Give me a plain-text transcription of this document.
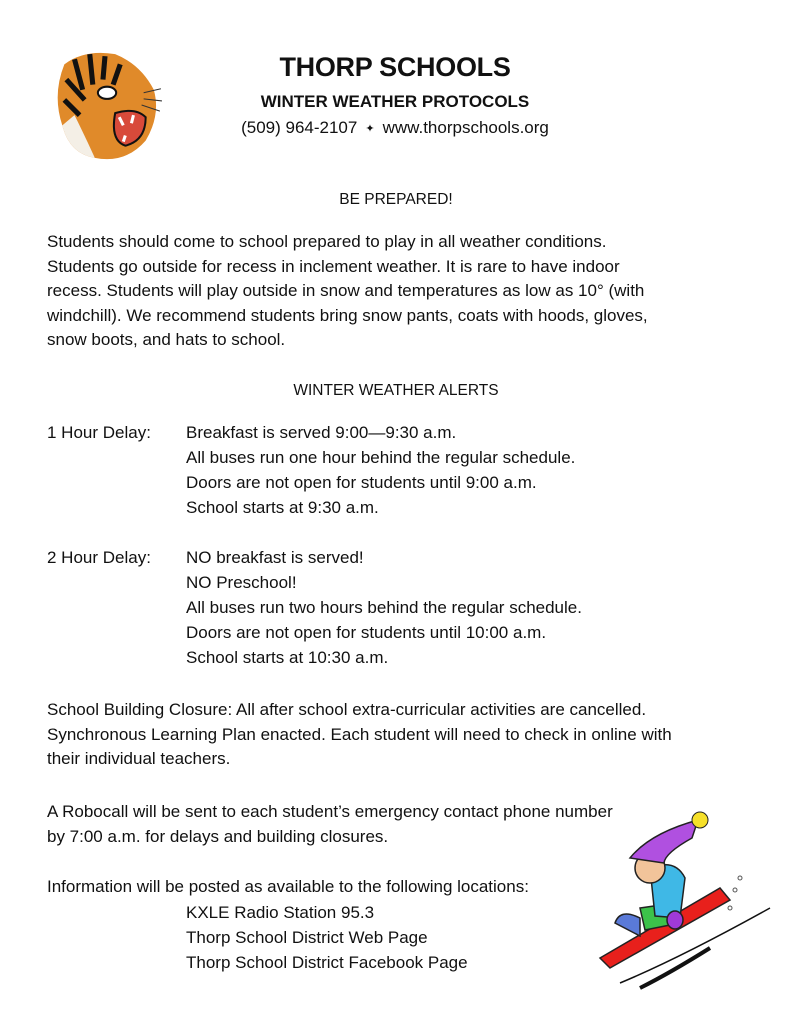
THORP SCHOOLS
WINTER WEATHER PROTOCOLS
(509) 964-2107 ✦ www.thorpschools.org
BE PREPARED!
Students should come to school prepared to play in all weather conditions.
Students go outside for recess in inclement weather. It is rare to have indoor
recess. Students will play outside in snow and temperatures as low as 10° (with
windchill). We recommend students bring snow pants, coats with hoods, gloves,
snow boots, and hats to school.
WINTER WEATHER ALERTS
1 Hour Delay: Breakfast is served 9:00—9:30 a.m.
All buses run one hour behind the regular schedule.
Doors are not open for students until 9:00 a.m.
School starts at 9:30 a.m.
2 Hour Delay: NO breakfast is served!
NO Preschool!
All buses run two hours behind the regular schedule.
Doors are not open for students until 10:00 a.m.
School starts at 10:30 a.m.
School Building Closure: All after school extra-curricular activities are cancelled.
Synchronous Learning Plan enacted. Each student will need to check in online with
their individual teachers.
A Robocall will be sent to each student’s emergency contact phone number
by 7:00 a.m. for delays and building closures.
Information will be posted as available to the following locations:
KXLE Radio Station 95.3
Thorp School District Web Page
Thorp School District Facebook Page
